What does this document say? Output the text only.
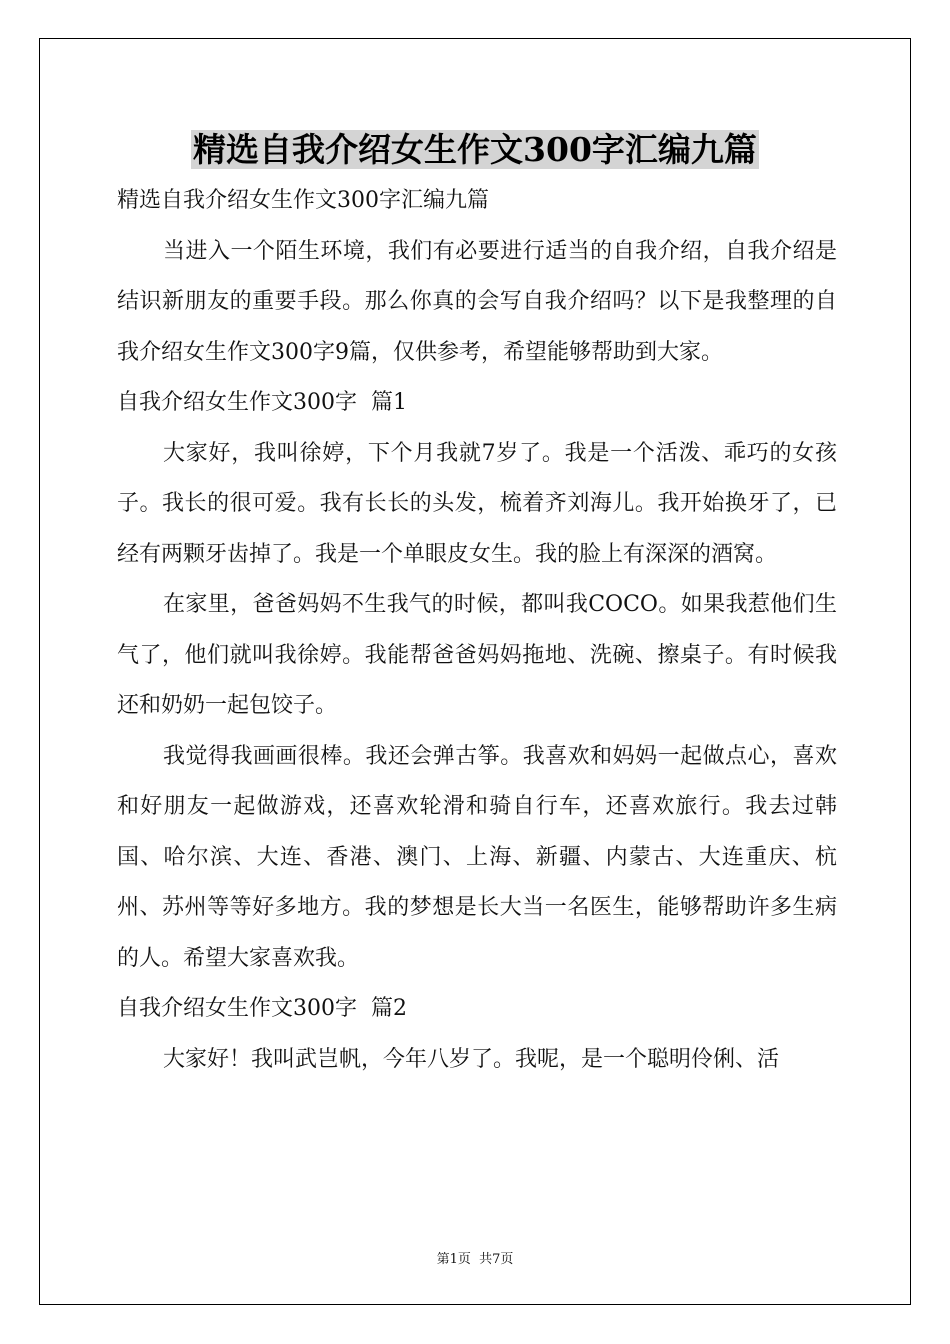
精选自我介绍女生作文300字汇编九篇

精选自我介绍女生作文300字汇编九篇

当进入一个陌生环境，我们有必要进行适当的自我介绍，自我介绍是结识新朋友的重要手段。那么你真的会写自我介绍吗？以下是我整理的自我介绍女生作文300字9篇，仅供参考，希望能够帮助到大家。

自我介绍女生作文300字  篇1

大家好，我叫徐婷，下个月我就7岁了。我是一个活泼、乖巧的女孩子。我长的很可爱。我有长长的头发，梳着齐刘海儿。我开始换牙了，已经有两颗牙齿掉了。我是一个单眼皮女生。我的脸上有深深的酒窝。

在家里，爸爸妈妈不生我气的时候，都叫我COCO。如果我惹他们生气了，他们就叫我徐婷。我能帮爸爸妈妈拖地、洗碗、擦桌子。有时候我还和奶奶一起包饺子。

我觉得我画画很棒。我还会弹古筝。我喜欢和妈妈一起做点心，喜欢和好朋友一起做游戏，还喜欢轮滑和骑自行车，还喜欢旅行。我去过韩国、哈尔滨、大连、香港、澳门、上海、新疆、内蒙古、大连重庆、杭州、苏州等等好多地方。我的梦想是长大当一名医生，能够帮助许多生病的人。希望大家喜欢我。

自我介绍女生作文300字  篇2

大家好！我叫武岂帆，今年八岁了。我呢，是一个聪明伶俐、活

第1页  共7页
